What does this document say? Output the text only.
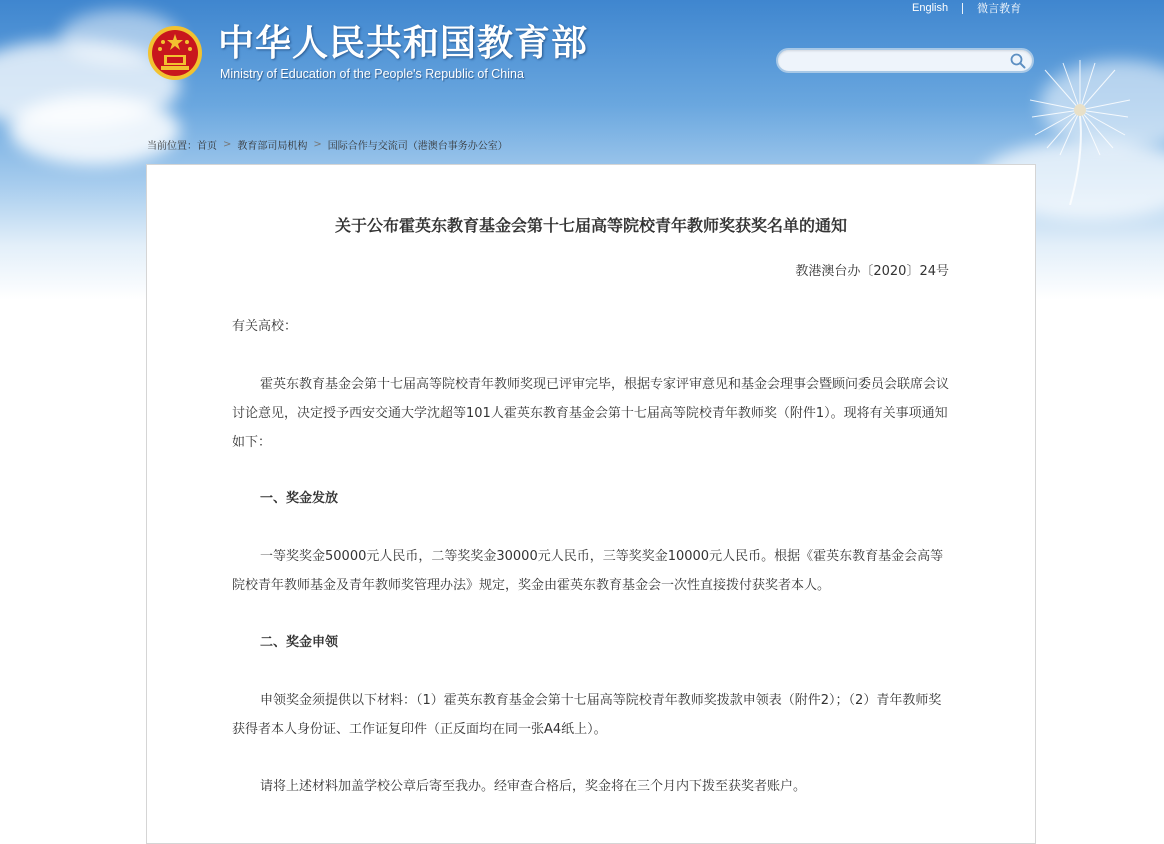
中华人民共和国教育部
Ministry of Education of the People's Republic of China
English	微言教育
当前位置： 首页 > 教育部司局机构 > 国际合作与交流司（港澳台事务办公室）
关于公布霍英东教育基金会第十七届高等院校青年教师奖获奖名单的通知
教港澳台办〔2020〕24号

有关高校：

霍英东教育基金会第十七届高等院校青年教师奖现已评审完毕，根据专家评审意见和基金会理事会暨顾问委员会联席会议讨论意见，决定授予西安交通大学沈超等101人霍英东教育基金会第十七届高等院校青年教师奖（附件1）。现将有关事项通知如下：

一、奖金发放

一等奖奖金50000元人民币，二等奖奖金30000元人民币，三等奖奖金10000元人民币。根据《霍英东教育基金会高等院校青年教师基金及青年教师奖管理办法》规定，奖金由霍英东教育基金会一次性直接拨付获奖者本人。

二、奖金申领

申领奖金须提供以下材料：（1）霍英东教育基金会第十七届高等院校青年教师奖拨款申领表（附件2）；（2）青年教师奖获得者本人身份证、工作证复印件（正反面均在同一张A4纸上）。

请将上述材料加盖学校公章后寄至我办。经审查合格后，奖金将在三个月内下拨至获奖者账户。
